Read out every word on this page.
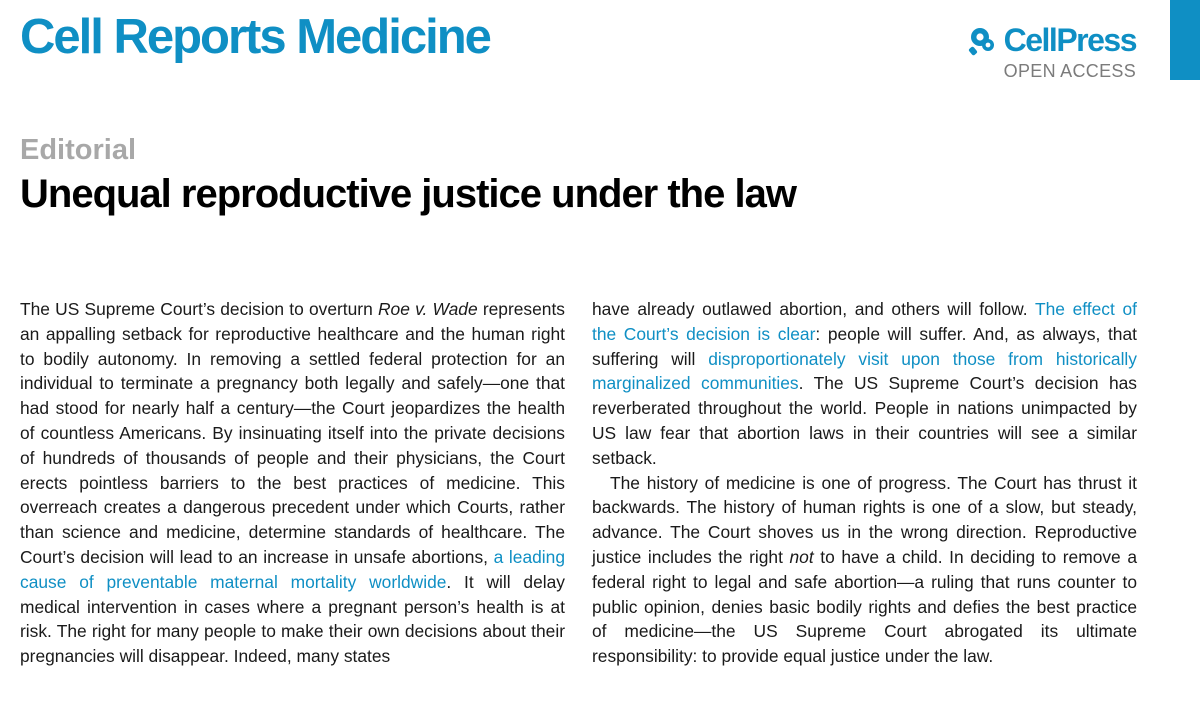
Cell Reports Medicine	CellPress
OPEN ACCESS
Editorial
Unequal reproductive justice under the law

The US Supreme Court’s decision to overturn Roe v. Wade represents an appalling setback for reproductive healthcare and the human right to bodily autonomy. In removing a settled federal protection for an individual to terminate a pregnancy both legally and safely—one that had stood for nearly half a century—the Court jeopardizes the health of countless Americans. By insinuating itself into the private decisions of hundreds of thousands of people and their physicians, the Court erects pointless barriers to the best practices of medicine. This overreach creates a dangerous precedent under which Courts, rather than science and medicine, determine standards of healthcare. The Court’s decision will lead to an increase in unsafe abortions, a leading cause of preventable maternal mortality worldwide. It will delay medical intervention in cases where a pregnant person’s health is at risk. The right for many people to make their own decisions about their pregnancies will disappear. Indeed, many states

have already outlawed abortion, and others will follow. The effect of the Court’s decision is clear: people will suffer. And, as always, that suffering will disproportionately visit upon those from historically marginalized communities. The US Supreme Court’s decision has reverberated throughout the world. People in nations unimpacted by US law fear that abortion laws in their countries will see a similar setback.

The history of medicine is one of progress. The Court has thrust it backwards. The history of human rights is one of a slow, but steady, advance. The Court shoves us in the wrong direction. Reproductive justice includes the right not to have a child. In deciding to remove a federal right to legal and safe abortion—a ruling that runs counter to public opinion, denies basic bodily rights and defies the best practice of medicine—the US Supreme Court abrogated its ultimate responsibility: to provide equal justice under the law.
